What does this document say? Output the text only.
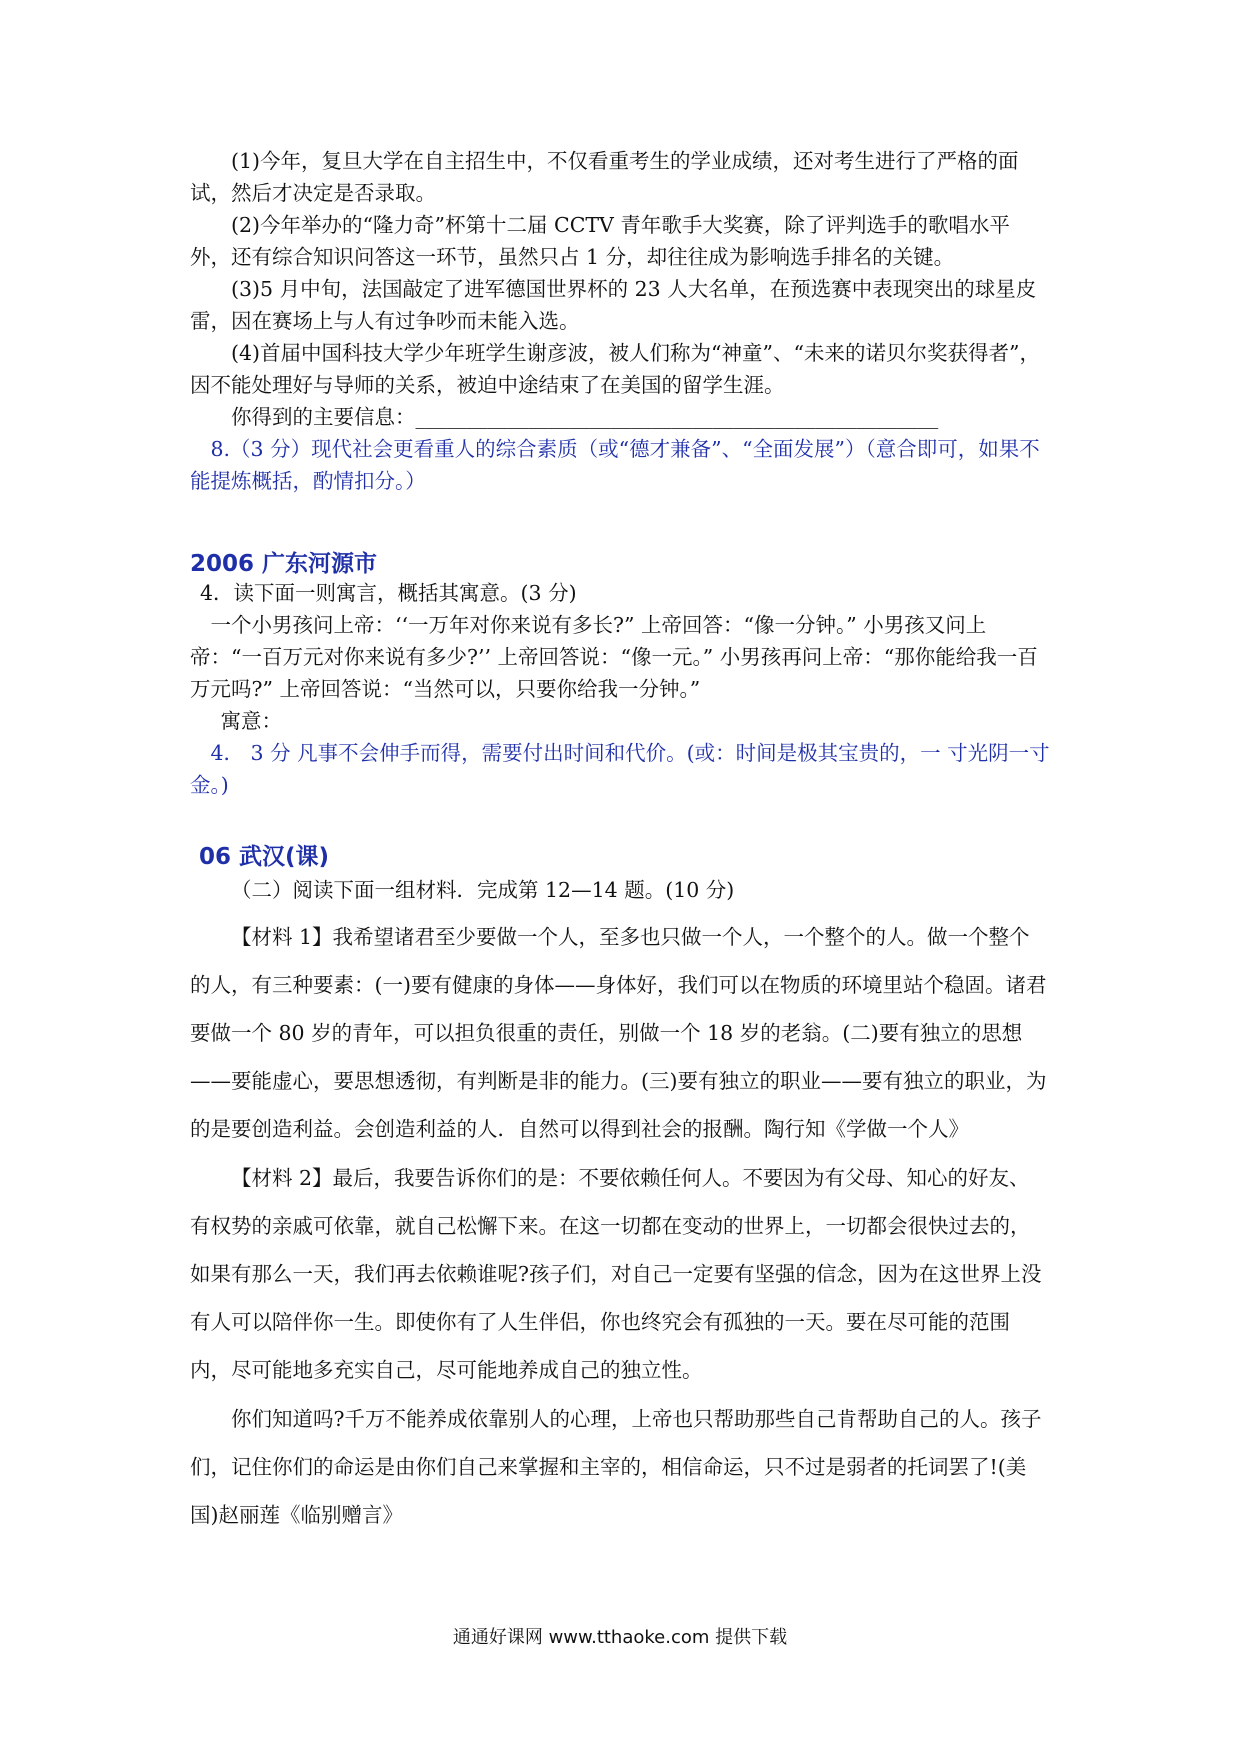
(1)今年，复旦大学在自主招生中，不仅看重考生的学业成绩，还对考生进行了严格的面试，然后才决定是否录取。

(2)今年举办的“隆力奇”杯第十二届 CCTV 青年歌手大奖赛，除了评判选手的歌唱水平外，还有综合知识问答这一环节，虽然只占 1 分，却往往成为影响选手排名的关键。

(3)5 月中旬，法国敲定了进军德国世界杯的 23 人大名单，在预选赛中表现突出的球星皮雷，因在赛场上与人有过争吵而未能入选。

(4)首届中国科技大学少年班学生谢彦波，被人们称为“神童”、“未来的诺贝尔奖获得者”，因不能处理好与导师的关系，被迫中途结束了在美国的留学生涯。

你得到的主要信息：___________________________________________________

8.（3 分）现代社会更看重人的综合素质（或“德才兼备”、“全面发展”）（意合即可，如果不能提炼概括，酌情扣分。）

2006 广东河源市

4．读下面一则寓言，概括其寓意。(3 分)

一个小男孩问上帝：‘‘一万年对你来说有多长?” 上帝回答：“像一分钟。” 小男孩又问上帝：“一百万元对你来说有多少?’’ 上帝回答说：“像一元。” 小男孩再问上帝：“那你能给我一百万元吗?” 上帝回答说：“当然可以，只要你给我一分钟。”

寓意：

4． 3 分 凡事不会伸手而得，需要付出时间和代价。(或：时间是极其宝贵的，一 寸光阴一寸金。)

06 武汉(课)

（二）阅读下面一组材料．完成第 12—14 题。(10 分)

【材料 1】我希望诸君至少要做一个人，至多也只做一个人，一个整个的人。做一个整个的人，有三种要素：(一)要有健康的身体——身体好，我们可以在物质的环境里站个稳固。诸君要做一个 80 岁的青年，可以担负很重的责任，别做一个 18 岁的老翁。(二)要有独立的思想——要能虚心，要思想透彻，有判断是非的能力。(三)要有独立的职业——要有独立的职业，为的是要创造利益。会创造利益的人．自然可以得到社会的报酬。陶行知《学做一个人》

【材料 2】最后，我要告诉你们的是：不要依赖任何人。不要因为有父母、知心的好友、有权势的亲戚可依靠，就自己松懈下来。在这一切都在变动的世界上，一切都会很快过去的，如果有那么一天，我们再去依赖谁呢?孩子们，对自己一定要有坚强的信念，因为在这世界上没有人可以陪伴你一生。即使你有了人生伴侣，你也终究会有孤独的一天。要在尽可能的范围内，尽可能地多充实自己，尽可能地养成自己的独立性。

你们知道吗?千万不能养成依靠别人的心理，上帝也只帮助那些自己肯帮助自己的人。孩子们，记住你们的命运是由你们自己来掌握和主宰的，相信命运，只不过是弱者的托词罢了!(美国)赵丽莲《临别赠言》

通通好课网 www.tthaoke.com 提供下载
